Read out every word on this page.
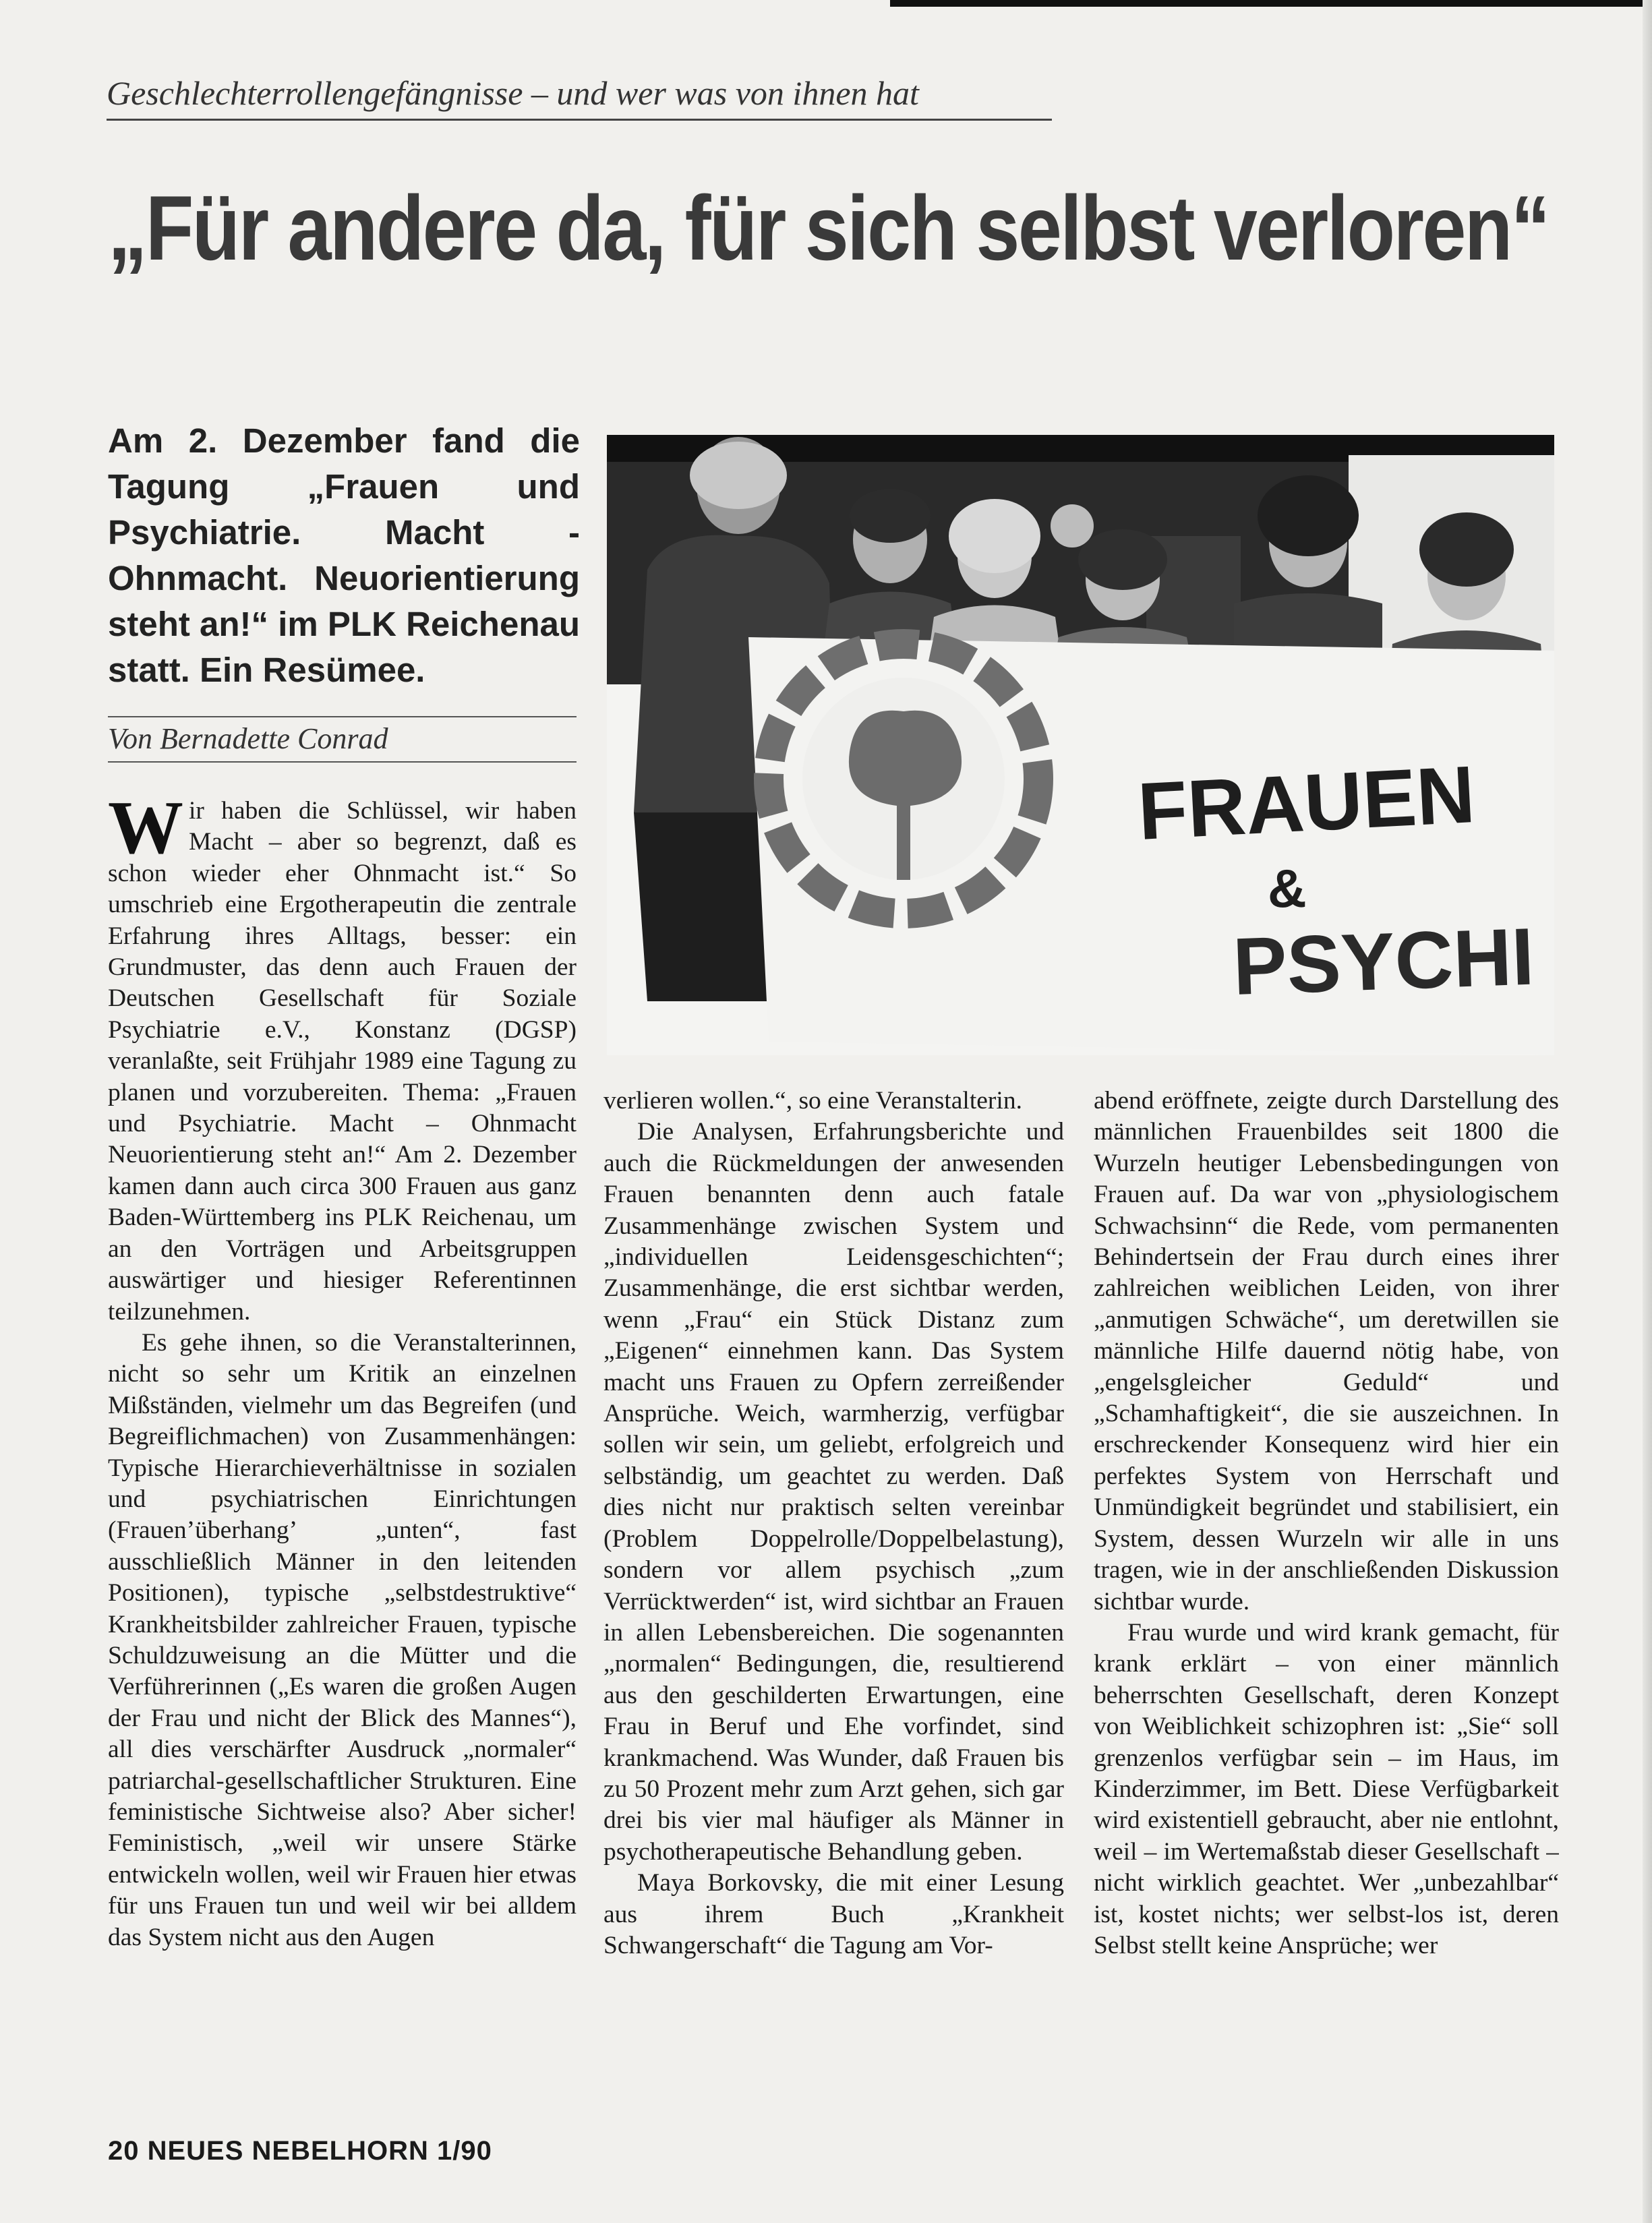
Geschlechterrollengefängnisse – und wer was von ihnen hat
„Für andere da, für sich selbst verloren“
Am 2. Dezember fand die Tagung „Frauen und Psychiatrie. Macht - Ohnmacht. Neuorientierung steht an!“ im PLK Reichenau statt. Ein Resümee.
Von Bernadette Conrad

Wir haben die Schlüssel, wir haben Macht – aber so begrenzt, daß es schon wieder eher Ohnmacht ist.“ So umschrieb eine Ergotherapeutin die zentrale Erfahrung ihres Alltags, besser: ein Grundmuster, das denn auch Frauen der Deutschen Gesellschaft für Soziale Psychiatrie e.V., Konstanz (DGSP) veranlaßte, seit Frühjahr 1989 eine Tagung zu planen und vorzubereiten. Thema: „Frauen und Psychiatrie. Macht – Ohnmacht Neuorientierung steht an!“ Am 2. Dezember kamen dann auch circa 300 Frauen aus ganz Baden-Württemberg ins PLK Reichenau, um an den Vorträgen und Arbeitsgruppen auswärtiger und hiesiger Referentinnen teilzunehmen.

Es gehe ihnen, so die Veranstalterinnen, nicht so sehr um Kritik an einzelnen Mißständen, vielmehr um das Begreifen (und Begreiflichmachen) von Zusammenhängen: Typische Hierarchieverhältnisse in sozialen und psychiatrischen Einrichtungen (Frauen’überhang’ „unten“, fast ausschließlich Männer in den leitenden Positionen), typische „selbstdestruktive“ Krankheitsbilder zahlreicher Frauen, typische Schuldzuweisung an die Mütter und die Verführerinnen („Es waren die großen Augen der Frau und nicht der Blick des Mannes“), all dies verschärfter Ausdruck „normaler“ patriarchal-gesellschaftlicher Strukturen. Eine feministische Sichtweise also? Aber sicher! Feministisch, „weil wir unsere Stärke entwickeln wollen, weil wir Frauen hier etwas für uns Frauen tun und weil wir bei alldem das System nicht aus den Augen

FRAUEN
&
PSYCHI

verlieren wollen.“, so eine Veranstalterin.

Die Analysen, Erfahrungsberichte und auch die Rückmeldungen der anwesenden Frauen benannten denn auch fatale Zusammenhänge zwischen System und „individuellen Leidensgeschichten“; Zusammenhänge, die erst sichtbar werden, wenn „Frau“ ein Stück Distanz zum „Eigenen“ einnehmen kann. Das System macht uns Frauen zu Opfern zerreißender Ansprüche. Weich, warmherzig, verfügbar sollen wir sein, um geliebt, erfolgreich und selbständig, um geachtet zu werden. Daß dies nicht nur praktisch selten vereinbar (Problem Doppelrolle/Doppelbelastung), sondern vor allem psychisch „zum Verrücktwerden“ ist, wird sichtbar an Frauen in allen Lebensbereichen. Die sogenannten „normalen“ Bedingungen, die, resultierend aus den geschilderten Erwartungen, eine Frau in Beruf und Ehe vorfindet, sind krankmachend. Was Wunder, daß Frauen bis zu 50 Prozent mehr zum Arzt gehen, sich gar drei bis vier mal häufiger als Männer in psychotherapeutische Behandlung geben.

Maya Borkovsky, die mit einer Lesung aus ihrem Buch „Krankheit Schwangerschaft“ die Tagung am Vor-

abend eröffnete, zeigte durch Darstellung des männlichen Frauenbildes seit 1800 die Wurzeln heutiger Lebensbedingungen von Frauen auf. Da war von „physiologischem Schwachsinn“ die Rede, vom permanenten Behindertsein der Frau durch eines ihrer zahlreichen weiblichen Leiden, von ihrer „anmutigen Schwäche“, um deretwillen sie männliche Hilfe dauernd nötig habe, von „engelsgleicher Geduld“ und „Schamhaftigkeit“, die sie auszeichnen. In erschreckender Konsequenz wird hier ein perfektes System von Herrschaft und Unmündigkeit begründet und stabilisiert, ein System, dessen Wurzeln wir alle in uns tragen, wie in der anschließenden Diskussion sichtbar wurde.

Frau wurde und wird krank gemacht, für krank erklärt – von einer männlich beherrschten Gesellschaft, deren Konzept von Weiblichkeit schizophren ist: „Sie“ soll grenzenlos verfügbar sein – im Haus, im Kinderzimmer, im Bett. Diese Verfügbarkeit wird existentiell gebraucht, aber nie entlohnt, weil – im Wertemaßstab dieser Gesellschaft – nicht wirklich geachtet. Wer „unbezahlbar“ ist, kostet nichts; wer selbst-los ist, deren Selbst stellt keine Ansprüche; wer

20 NEUES NEBELHORN 1/90
